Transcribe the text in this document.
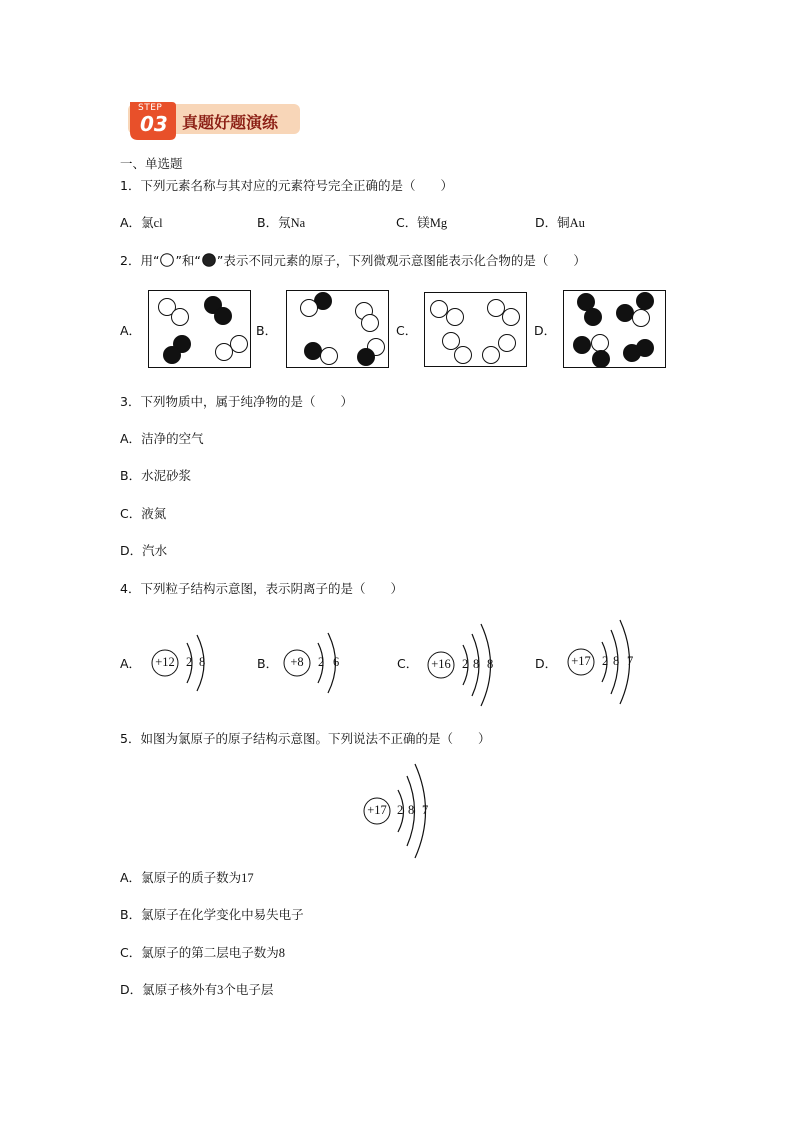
STEP
03 真题好题演练
一、单选题
1．下列元素名称与其对应的元素符号完全正确的是（　　）
A．氯cl	B．氖Na	C．镁Mg	D．铜Au
2．用“ ”和“ ”表示不同元素的原子，下列微观示意图能表示化合物的是（　　）
A．	B．	C．	D．
3．下列物质中，属于纯净物的是（　　）
A．洁净的空气
B．水泥砂浆
C．液氮
D．汽水
4．下列粒子结构示意图，表示阴离子的是（　　）
A．	+12 2 8	B． +8	2 6	C．	+16 2 8 8	D．	+17 2 8 7
5．如图为氯原子的原子结构示意图。下列说法不正确的是（　　）
+17 2 8 7
A．氯原子的质子数为17
B．氯原子在化学变化中易失电子
C．氯原子的第二层电子数为8
D．氯原子核外有3个电子层
